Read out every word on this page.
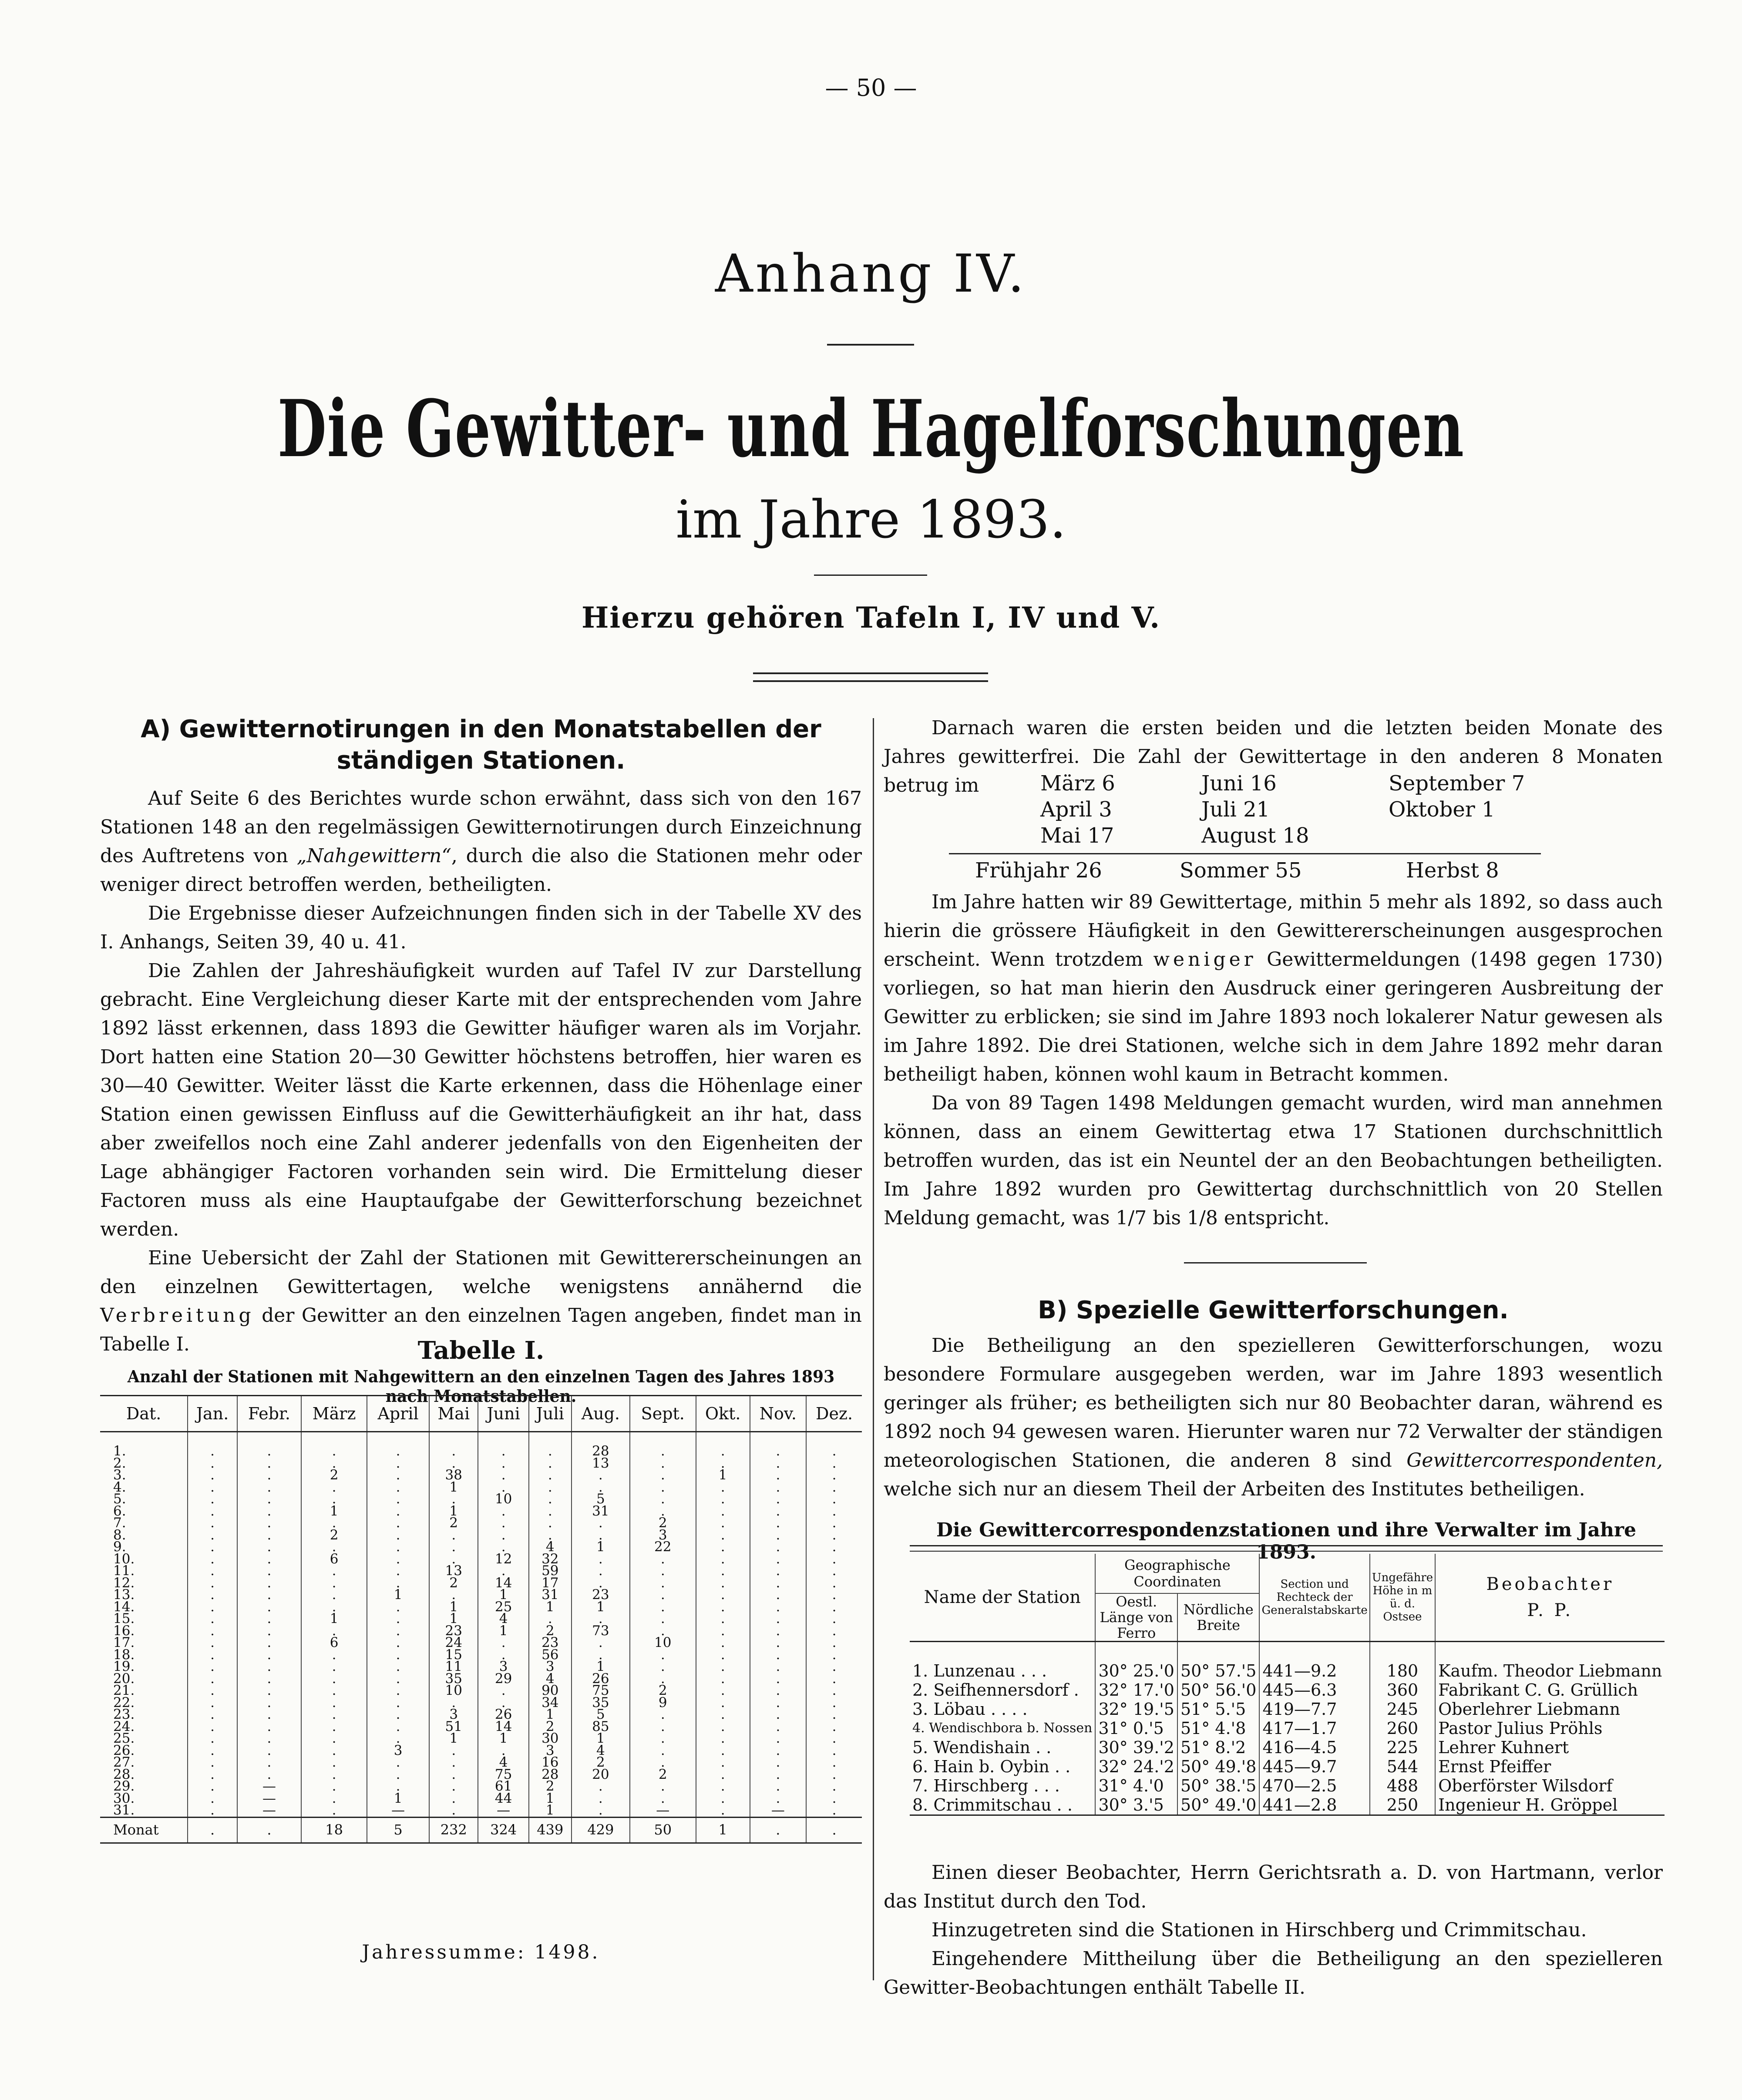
— 50 —
Anhang IV.
Die Gewitter- und Hagelforschungen
im Jahre 1893.
Hierzu gehören Tafeln I, IV und V.
A) Gewitternotirungen in den Monatstabellen der
ständigen Stationen.

Auf Seite 6 des Berichtes wurde schon erwähnt, dass sich von den 167 Stationen 148 an den regelmässigen Gewitternotirungen durch Einzeichnung des Auftretens von „Nahgewittern“, durch die also die Stationen mehr oder weniger direct betroffen werden, betheiligten.

Die Ergebnisse dieser Aufzeichnungen finden sich in der Tabelle XV des I. Anhangs, Seiten 39, 40 u. 41.

Die Zahlen der Jahreshäufigkeit wurden auf Tafel IV zur Darstellung gebracht. Eine Vergleichung dieser Karte mit der entsprechenden vom Jahre 1892 lässt erkennen, dass 1893 die Gewitter häufiger waren als im Vorjahr. Dort hatten eine Station 20—30 Gewitter höchstens betroffen, hier waren es 30—40 Gewitter. Weiter lässt die Karte erkennen, dass die Höhenlage einer Station einen gewissen Einfluss auf die Gewitterhäufigkeit an ihr hat, dass aber zweifellos noch eine Zahl anderer jedenfalls von den Eigenheiten der Lage abhängiger Factoren vorhanden sein wird. Die Ermittelung dieser Factoren muss als eine Hauptaufgabe der Gewitterforschung bezeichnet werden.

Eine Uebersicht der Zahl der Stationen mit Gewittererscheinungen an den einzelnen Gewittertagen, welche wenigstens annähernd die Verbreitung der Gewitter an den einzelnen Tagen angeben, findet man in Tabelle I.	Tabelle I.
Anzahl der Stationen mit Nahgewittern an den einzelnen Tagen des Jahres 1893 nach Monatstabellen.
Dat.	Jan.	Febr.	März	April	Mai	Juni	Juli	Aug.	Sept.	Okt.	Nov.	Dez.
1.	.	.	.	.	.	.	.	28	.	.	.	.
2.	.	.	.	.	.	.	.	13	.	.	.	.
3.	.	.	2	.	38	.	.	.	.	1	.	.
4.	.	.	.	.	1	.	.	.	.	.	.	.
5.	.	.	.	.	.	10	.	5	.	.	.	.
6.	.	.	1	.	1	.	.	31	.	.	.	.
7.	.	.	.	.	2	.	.	.	2	.	.	.
8.	.	.	2	.	.	.	.	.	3	.	.	.
9.	.	.	.	.	.	.	4	1	22	.	.	.
10.	.	.	6	.	.	12	32	.	.	.	.	.
11.	.	.	.	.	13	.	59	.	.	.	.	.
12.	.	.	.	.	2	14	17	.	.	.	.	.
13.	.	.	.	1	.	1	31	23	.	.	.	.
14.	.	.	.	.	1	25	1	1	.	.	.	.
15.	.	.	1	.	1	4	.	.	.	.	.	.
16.	.	.	.	.	23	1	2	73	.	.	.	.
17.	.	.	6	.	24	.	23	.	10	.	.	.
18.	.	.	.	.	15	.	56	.	.	.	.	.
19.	.	.	.	.	11	3	3	1	.	.	.	.
20.	.	.	.	.	35	29	4	26	.	.	.	.
21.	.	.	.	.	10	.	90	75	2	.	.	.
22.	.	.	.	.	.	.	34	35	9	.	.	.
23.	.	.	.	.	3	26	1	5	.	.	.	.
24.	.	.	.	.	51	14	2	85	.	.	.	.
25.	.	.	.	.	1	1	30	1	.	.	.	.
26.	.	.	.	3	.	.	3	4	.	.	.	.
27.	.	.	.	.	.	4	16	2	.	.	.	.
28.	.	.	.	.	.	75	28	20	2	.	.	.
29.	.	—	.	.	.	61	2	.	.	.	.	.
30.	.	—	.	1	.	44	1	.	.	.	.	.
31.	.	—	.	—	.	—	1	.	—	.	—	.
Monat	.	.	18	5	232	324	439	429	50	1	.	.
Jahressumme: 1498.

Darnach waren die ersten beiden und die letzten beiden Monate des Jahres gewitterfrei. Die Zahl der Gewittertage in den anderen 8 Monaten betrug im	März 6	Juni 16	September 7
April 3	Juli 21	Oktober 1
Mai 17	August 18
Frühjahr 26	Sommer 55	Herbst 8

Im Jahre hatten wir 89 Gewittertage, mithin 5 mehr als 1892, so dass auch hierin die grössere Häufigkeit in den Gewittererscheinungen ausgesprochen erscheint. Wenn trotzdem weniger Gewittermeldungen (1498 gegen 1730) vorliegen, so hat man hierin den Ausdruck einer geringeren Ausbreitung der Gewitter zu erblicken; sie sind im Jahre 1893 noch lokalerer Natur gewesen als im Jahre 1892. Die drei Stationen, welche sich in dem Jahre 1892 mehr daran betheiligt haben, können wohl kaum in Betracht kommen.

Da von 89 Tagen 1498 Meldungen gemacht wurden, wird man annehmen können, dass an einem Gewittertag etwa 17 Stationen durchschnittlich betroffen wurden, das ist ein Neuntel der an den Beobachtungen betheiligten. Im Jahre 1892 wurden pro Gewittertag durchschnittlich von 20 Stellen Meldung gemacht, was 1/7 bis 1/8 entspricht.

B) Spezielle Gewitterforschungen.

Die Betheiligung an den spezielleren Gewitterforschungen, wozu besondere Formulare ausgegeben werden, war im Jahre 1893 wesentlich geringer als früher; es betheiligten sich nur 80 Beobachter daran, während es 1892 noch 94 gewesen waren. Hierunter waren nur 72 Verwalter der ständigen meteorologischen Stationen, die anderen 8 sind Gewittercorrespondenten, welche sich nur an diesem Theil der Arbeiten des Institutes betheiligen.

Die Gewittercorrespondenzstationen und ihre Verwalter im Jahre 1893.
Name der Station	Geographische Coordinaten		Section und Rechteck der Generalstabskarte	Ungefähre Höhe in m ü. d. Ostsee	Beobachter
P. P.

	Oestl. Länge von Ferro	Nördliche Breite			

1. Lunzenau . . .	30° 25.'0	50° 57.'5	441—9.2	180	Kaufm. Theodor Liebmann
2. Seifhennersdorf .	32° 17.'0	50° 56.'0	445—6.3	360	Fabrikant C. G. Grüllich
3. Löbau . . . .	32° 19.'5	51° 5.'5	419—7.7	245	Oberlehrer Liebmann
4. Wendischbora b. Nossen	31° 0.'5	51° 4.'8	417—1.7	260	Pastor Julius Pröhls
5. Wendishain . .	30° 39.'2	51° 8.'2	416—4.5	225	Lehrer Kuhnert
6. Hain b. Oybin . .	32° 24.'2	50° 49.'8	445—9.7	544	Ernst Pfeiffer
7. Hirschberg . . .	31° 4.'0	50° 38.'5	470—2.5	488	Oberförster Wilsdorf
8. Crimmitschau . .	30° 3.'5	50° 49.'0	441—2.8	250	Ingenieur H. Gröppel

Einen dieser Beobachter, Herrn Gerichtsrath a. D. von Hartmann, verlor das Institut durch den Tod.

Hinzugetreten sind die Stationen in Hirschberg und Crimmitschau.

Eingehendere Mittheilung über die Betheiligung an den spezielleren Gewitter-Beobachtungen enthält Tabelle II.
